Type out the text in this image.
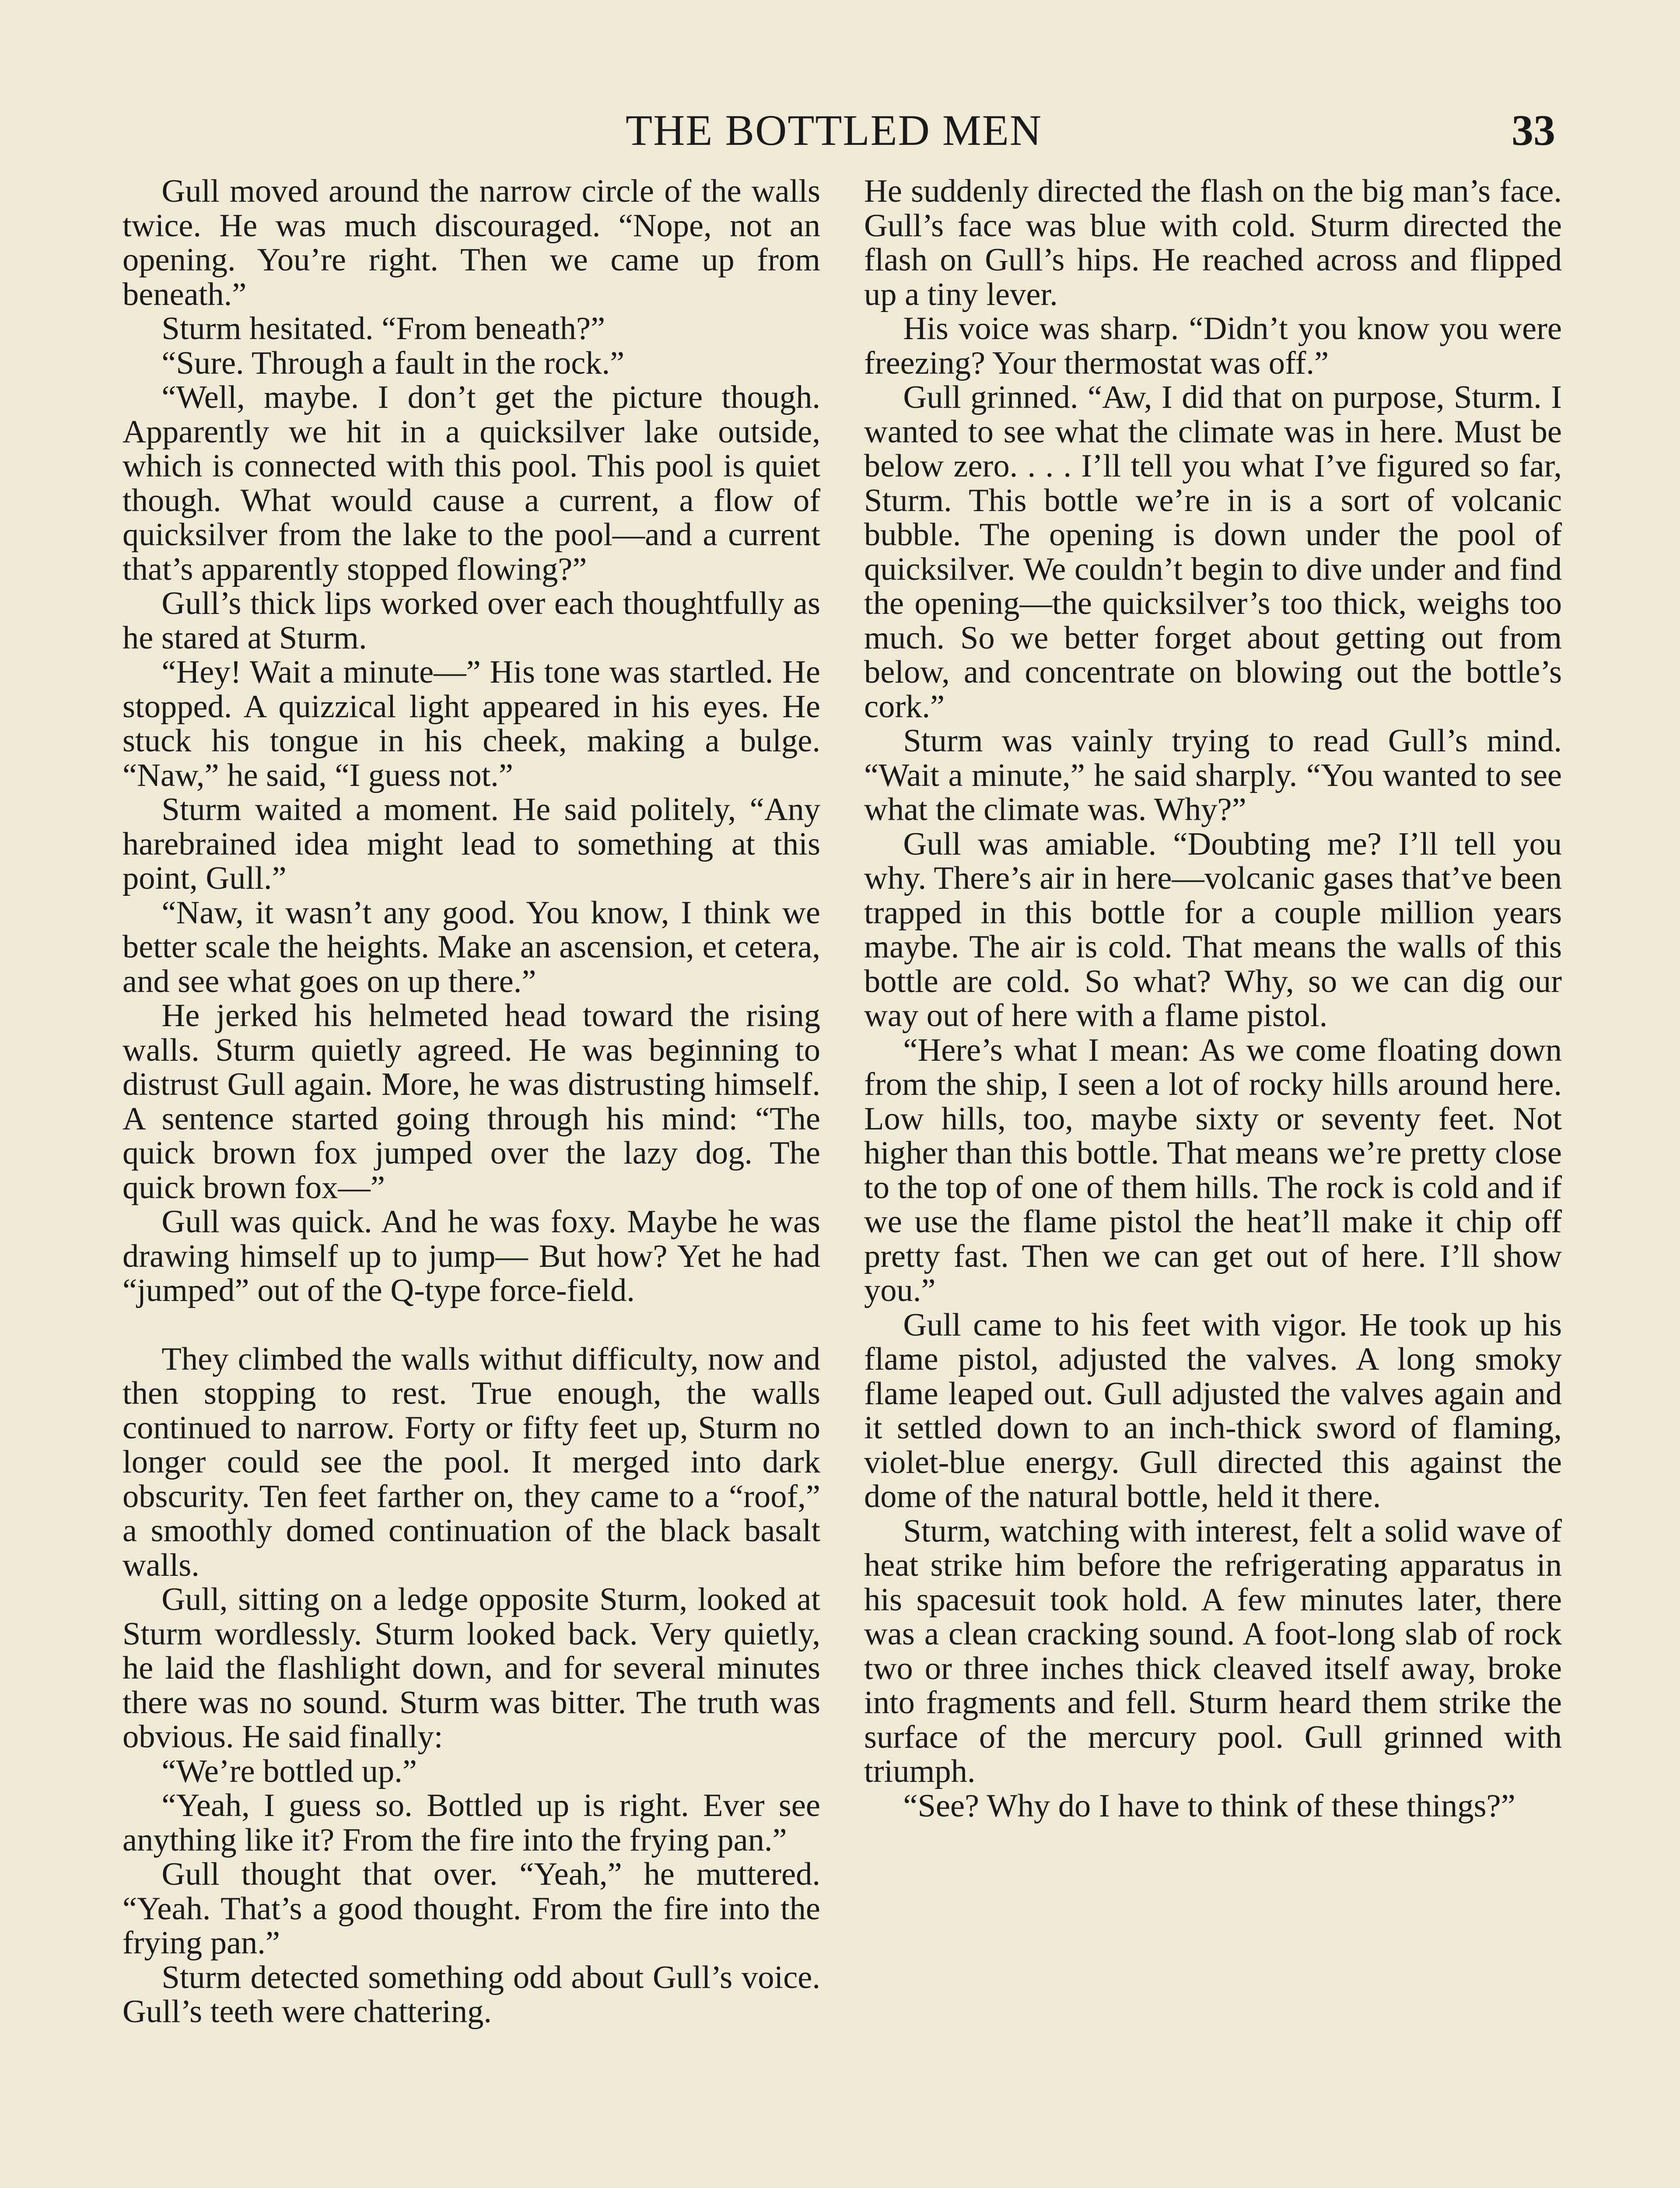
THE BOTTLED MEN	33

Gull moved around the narrow circle of the walls twice. He was much discouraged. “Nope, not an opening. You’re right. Then we came up from beneath.”

Sturm hesitated. “From beneath?”

“Sure. Through a fault in the rock.”

“Well, maybe. I don’t get the picture though. Apparently we hit in a quicksilver lake outside, which is connected with this pool. This pool is quiet though. What would cause a current, a flow of quicksilver from the lake to the pool—and a current that’s apparently stopped flowing?”

Gull’s thick lips worked over each thoughtfully as he stared at Sturm.

“Hey! Wait a minute—” His tone was startled. He stopped. A quizzical light appeared in his eyes. He stuck his tongue in his cheek, making a bulge. “Naw,” he said, “I guess not.”

Sturm waited a moment. He said politely, “Any harebrained idea might lead to something at this point, Gull.”

“Naw, it wasn’t any good. You know, I think we better scale the heights. Make an ascension, et cetera, and see what goes on up there.”

He jerked his helmeted head toward the rising walls. Sturm quietly agreed. He was beginning to distrust Gull again. More, he was distrusting himself. A sentence started going through his mind: “The quick brown fox jumped over the lazy dog. The quick brown fox—”

Gull was quick. And he was foxy. Maybe he was drawing himself up to jump— But how? Yet he had “jumped” out of the Q-type force-field.

They climbed the walls withut difficulty, now and then stopping to rest. True enough, the walls continued to narrow. Forty or fifty feet up, Sturm no longer could see the pool. It merged into dark obscurity. Ten feet farther on, they came to a “roof,” a smoothly domed continuation of the black basalt walls.

Gull, sitting on a ledge opposite Sturm, looked at Sturm wordlessly. Sturm looked back. Very quietly, he laid the flashlight down, and for several minutes there was no sound. Sturm was bitter. The truth was obvious. He said finally:

“We’re bottled up.”

“Yeah, I guess so. Bottled up is right. Ever see anything like it? From the fire into the frying pan.”

Gull thought that over. “Yeah,” he muttered. “Yeah. That’s a good thought. From the fire into the frying pan.”

Sturm detected something odd about Gull’s voice. Gull’s teeth were chattering.

He suddenly directed the flash on the big man’s face. Gull’s face was blue with cold. Sturm directed the flash on Gull’s hips. He reached across and flipped up a tiny lever.

His voice was sharp. “Didn’t you know you were freezing? Your thermostat was off.”

Gull grinned. “Aw, I did that on purpose, Sturm. I wanted to see what the climate was in here. Must be below zero. . . . I’ll tell you what I’ve figured so far, Sturm. This bottle we’re in is a sort of volcanic bubble. The opening is down under the pool of quicksilver. We couldn’t begin to dive under and find the opening—the quicksilver’s too thick, weighs too much. So we better forget about getting out from below, and concentrate on blowing out the bottle’s cork.”

Sturm was vainly trying to read Gull’s mind. “Wait a minute,” he said sharply. “You wanted to see what the climate was. Why?”

Gull was amiable. “Doubting me? I’ll tell you why. There’s air in here—volcanic gases that’ve been trapped in this bottle for a couple million years maybe. The air is cold. That means the walls of this bottle are cold. So what? Why, so we can dig our way out of here with a flame pistol.

“Here’s what I mean: As we come floating down from the ship, I seen a lot of rocky hills around here. Low hills, too, maybe sixty or seventy feet. Not higher than this bottle. That means we’re pretty close to the top of one of them hills. The rock is cold and if we use the flame pistol the heat’ll make it chip off pretty fast. Then we can get out of here. I’ll show you.”

Gull came to his feet with vigor. He took up his flame pistol, adjusted the valves. A long smoky flame leaped out. Gull adjusted the valves again and it settled down to an inch-thick sword of flaming, violet-blue energy. Gull directed this against the dome of the natural bottle, held it there.

Sturm, watching with interest, felt a solid wave of heat strike him before the refrigerating apparatus in his spacesuit took hold. A few minutes later, there was a clean cracking sound. A foot-long slab of rock two or three inches thick cleaved itself away, broke into fragments and fell. Sturm heard them strike the surface of the mercury pool. Gull grinned with triumph.

“See? Why do I have to think of these things?”
